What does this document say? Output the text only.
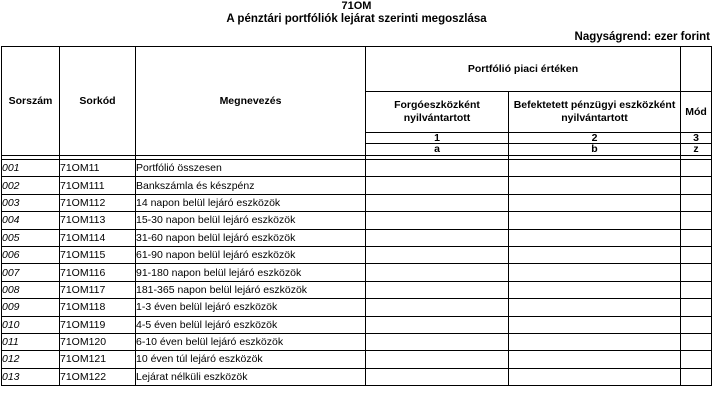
71OM
A pénztári portfóliók lejárat szerinti megoszlása
Nagyságrend: ezer forint
Sorszám	Sorkód	Megnevezés	Portfólió piaci értéken		
			Forgóeszközként nyilvántartott	Befektetett pénzügyi eszközként nyilvántartott	Mód
			1	2	3
			a	b	z

001	71OM11	Portfólió összesen			
002	71OM111	Bankszámla és készpénz			
003	71OM112	14 napon belül lejáró eszközök			
004	71OM113	15-30 napon belül lejáró eszközök			
005	71OM114	31-60 napon belül lejáró eszközök			
006	71OM115	61-90 napon belül lejáró eszközök			
007	71OM116	91-180 napon belül lejáró eszközök			
008	71OM117	181-365 napon belül lejáró eszközök			
009	71OM118	1-3 éven belül lejáró eszközök			
010	71OM119	4-5 éven belül lejáró eszközök			
011	71OM120	6-10 éven belül lejáró eszközök			
012	71OM121	10 éven túl lejáró eszközök			
013	71OM122	Lejárat nélküli eszközök			
